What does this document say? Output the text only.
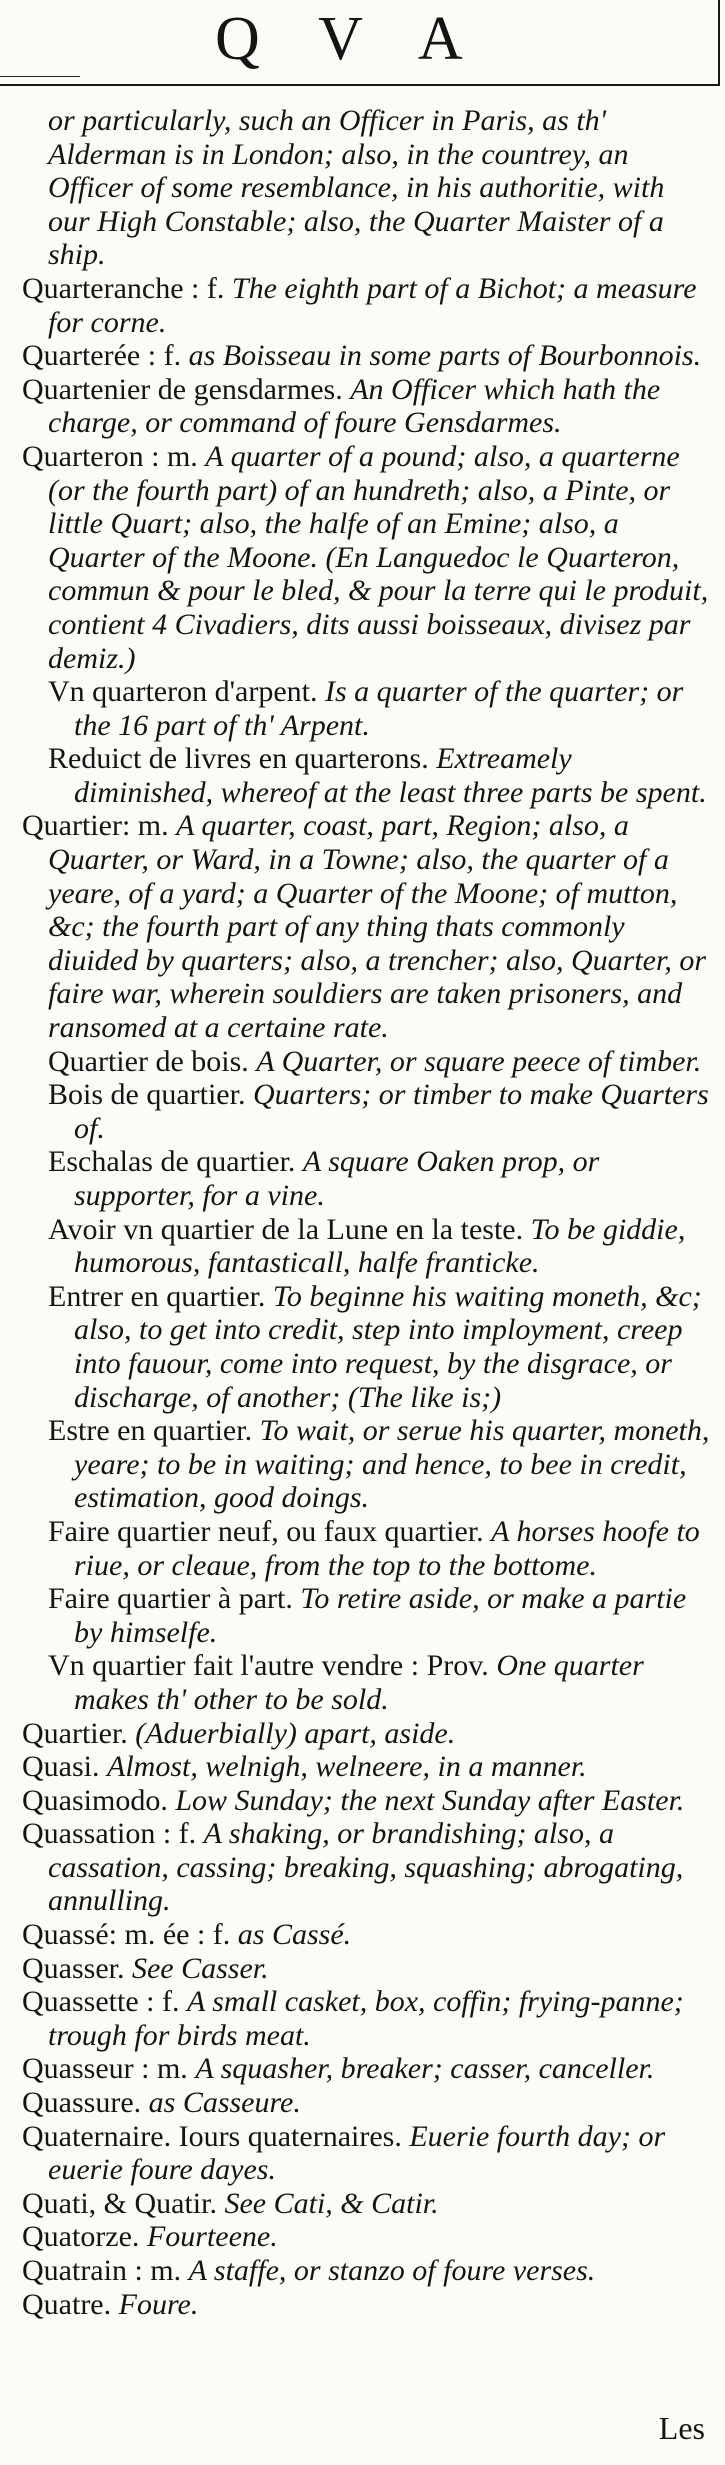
Q V A

or particularly, such an Officer in Paris, as th' Alderman is in London; also, in the countrey, an Officer of some resemblance, in his authoritie, with our High Constable; also, the Quarter Maister of a ship.

Quarteranche : f. The eighth part of a Bichot; a measure for corne.

Quarterée : f. as Boisseau in some parts of Bourbonnois.

Quartenier de gensdarmes. An Officer which hath the charge, or command of foure Gensdarmes.

Quarteron : m. A quarter of a pound; also, a quarterne (or the fourth part) of an hundreth; also, a Pinte, or little Quart; also, the halfe of an Emine; also, a Quarter of the Moone. (En Languedoc le Quarteron, commun & pour le bled, & pour la terre qui le produit, contient 4 Civadiers, dits aussi boisseaux, divisez par demiz.)

Vn quarteron d'arpent. Is a quarter of the quarter; or the 16 part of th' Arpent.

Reduict de livres en quarterons. Extreamely diminished, whereof at the least three parts be spent.

Quartier: m. A quarter, coast, part, Region; also, a Quarter, or Ward, in a Towne; also, the quarter of a yeare, of a yard; a Quarter of the Moone; of mutton, &c; the fourth part of any thing thats commonly diuided by quarters; also, a trencher; also, Quarter, or faire war, wherein souldiers are taken prisoners, and ransomed at a certaine rate.

Quartier de bois. A Quarter, or square peece of timber.

Bois de quartier. Quarters; or timber to make Quarters of.

Eschalas de quartier. A square Oaken prop, or supporter, for a vine.

Avoir vn quartier de la Lune en la teste. To be giddie, humorous, fantasticall, halfe franticke.

Entrer en quartier. To beginne his waiting moneth, &c; also, to get into credit, step into imployment, creep into fauour, come into request, by the disgrace, or discharge, of another; (The like is;)

Estre en quartier. To wait, or serue his quarter, moneth, yeare; to be in waiting; and hence, to bee in credit, estimation, good doings.

Faire quartier neuf, ou faux quartier. A horses hoofe to riue, or cleaue, from the top to the bottome.

Faire quartier à part. To retire aside, or make a partie by himselfe.

Vn quartier fait l'autre vendre : Prov. One quarter makes th' other to be sold.

Quartier. (Aduerbially) apart, aside.

Quasi. Almost, welnigh, welneere, in a manner.

Quasimodo. Low Sunday; the next Sunday after Easter.

Quassation : f. A shaking, or brandishing; also, a cassation, cassing; breaking, squashing; abrogating, annulling.

Quassé: m. ée : f. as Cassé.

Quasser. See Casser.

Quassette : f. A small casket, box, coffin; frying-panne; trough for birds meat.

Quasseur : m. A squasher, breaker; casser, canceller.

Quassure. as Casseure.

Quaternaire. Iours quaternaires. Euerie fourth day; or euerie foure dayes.

Quati, & Quatir. See Cati, & Catir.

Quatorze. Fourteene.

Quatrain : m. A staffe, or stanzo of foure verses.

Quatre. Foure.

Les
